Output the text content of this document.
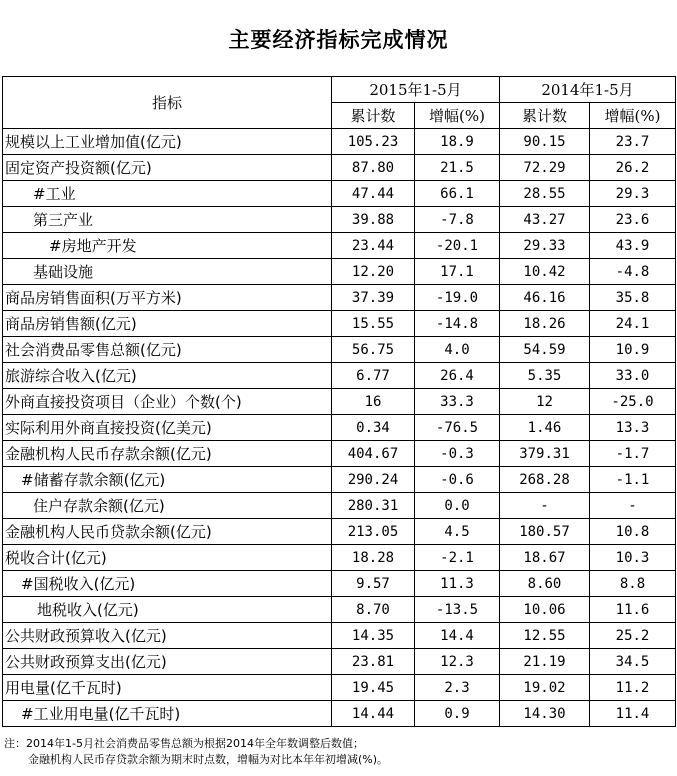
主要经济指标完成情况
指标	2015年1-5月		2014年1-5月	
	累计数	增幅(%)	累计数	增幅(%)
规模以上工业增加值(亿元)	105.23	18.9	90.15	23.7
固定资产投资额(亿元)	87.80	21.5	72.29	26.2
#工业	47.44	66.1	28.55	29.3
第三产业	39.88	-7.8	43.27	23.6
#房地产开发	23.44	-20.1	29.33	43.9
基础设施	12.20	17.1	10.42	-4.8
商品房销售面积(万平方米)	37.39	-19.0	46.16	35.8
商品房销售额(亿元)	15.55	-14.8	18.26	24.1
社会消费品零售总额(亿元)	56.75	4.0	54.59	10.9
旅游综合收入(亿元)	6.77	26.4	5.35	33.0
外商直接投资项目（企业）个数(个)	16	33.3	12	-25.0
实际利用外商直接投资(亿美元)	0.34	-76.5	1.46	13.3
金融机构人民币存款余额(亿元)	404.67	-0.3	379.31	-1.7
#储蓄存款余额(亿元)	290.24	-0.6	268.28	-1.1
住户存款余额(亿元)	280.31	0.0	-	-
金融机构人民币贷款余额(亿元)	213.05	4.5	180.57	10.8
税收合计(亿元)	18.28	-2.1	18.67	10.3
#国税收入(亿元)	9.57	11.3	8.60	8.8
地税收入(亿元)	8.70	-13.5	10.06	11.6
公共财政预算收入(亿元)	14.35	14.4	12.55	25.2
公共财政预算支出(亿元)	23.81	12.3	21.19	34.5
用电量(亿千瓦时)	19.45	2.3	19.02	11.2
#工业用电量(亿千瓦时)	14.44	0.9	14.30	11.4
注：2014年1-5月社会消费品零售总额为根据2014年全年数调整后数值；
金融机构人民币存贷款余额为期末时点数，增幅为对比本年年初增减(%)。
